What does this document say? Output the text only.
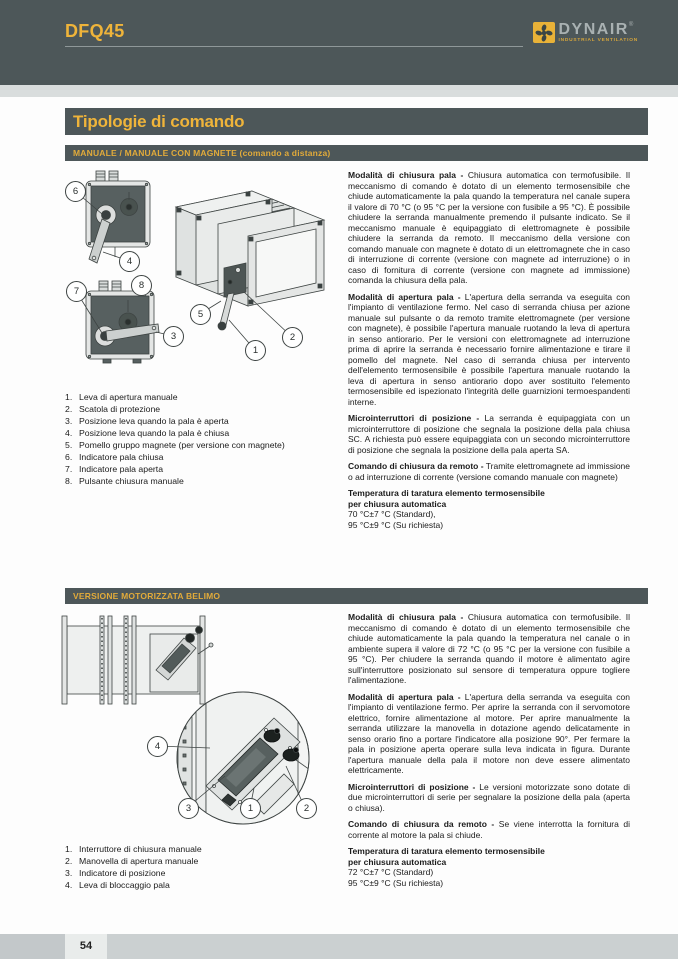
DFQ45	DYNAIR®
INDUSTRIAL VENTILATION
Tipologie di comando
MANUALE / MANUALE CON MAGNETE (comando a distanza)
6
4
7
8
3
5
1
2
1. Leva di apertura manuale
2. Scatola di protezione
3. Posizione leva quando la pala è aperta
4. Posizione leva quando la pala è chiusa
5. Pomello gruppo magnete (per versione con magnete)
6. Indicatore pala chiusa
7. Indicatore pala aperta
8. Pulsante chiusura manuale

Modalità di chiusura pala - Chiusura automatica con termofusibile. Il meccanismo di comando è dotato di un elemento termosensibile che chiude automaticamente la pala quando la temperatura nel canale supera il valore di 70 °C (o 95 °C per la versione con fusibile a 95 °C). È possibile chiudere la serranda manualmente premendo il pulsante indicato. Se il meccanismo manuale è equipaggiato di elettromagnete è possibile chiudere la serranda da remoto. Il meccanismo della versione con comando manuale con magnete è dotato di un elettromagnete che in caso di interruzione di corrente (versione con magnete ad interruzione) o in caso di fornitura di corrente (versione con magnete ad immissione) comanda la chiusura della pala.

Modalità di apertura pala - L'apertura della serranda va eseguita con l'impianto di ventilazione fermo. Nel caso di serranda chiusa per azione manuale sul pulsante o da remoto tramite elettromagnete (per versione con magnete), è possibile l'apertura manuale ruotando la leva di apertura in senso antiorario. Per le versioni con elettromagnete ad interruzione prima di aprire la serranda è necessario fornire alimentazione e tirare il pomello del magnete. Nel caso di serranda chiusa per intervento dell'elemento termosensibile è possibile l'apertura manuale ruotando la leva di apertura in senso antiorario dopo aver sostituito l'elemento termosensibile ed ispezionato l'integrità delle guarnizioni termoespandenti interne.

Microinterruttori di posizione - La serranda è equipaggiata con un microinterruttore di posizione che segnala la posizione della pala chiusa SC. A richiesta può essere equipaggiata con un secondo microinterruttore di posizione che segnala la posizione della pala aperta SA.

Comando di chiusura da remoto - Tramite elettromagnete ad immissione o ad interruzione di corrente (versione comando manuale con magnete)

Temperatura di taratura elemento termosensibile
per chiusura automatica
70 °C±7 °C (Standard),
95 °C±9 °C (Su richiesta)
VERSIONE MOTORIZZATA BELIMO
4
3	1	2
1. Interruttore di chiusura manuale
2. Manovella di apertura manuale
3. Indicatore di posizione
4. Leva di bloccaggio pala

Modalità di chiusura pala - Chiusura automatica con termofusibile. Il meccanismo di comando è dotato di un elemento termosensibile che chiude automaticamente la pala quando la temperatura nel canale o in ambiente supera il valore di 72 °C (o 95 °C per la versione con fusibile a 95 °C). Per chiudere la serranda quando il motore è alimentato agire sull'interruttore posizionato sul sensore di temperatura oppure togliere l'alimentazione.

Modalità di apertura pala - L'apertura della serranda va eseguita con l'impianto di ventilazione fermo. Per aprire la serranda con il servomotore elettrico, fornire alimentazione al motore. Per aprire manualmente la serranda utilizzare la manovella in dotazione agendo delicatamente in senso orario fino a portare l'indicatore alla posizione 90°. Per fermare la pala in posizione aperta operare sulla leva indicata in figura. Durante l'apertura manuale della pala il motore non deve essere alimentato elettricamente.

Microinterruttori di posizione - Le versioni motorizzate sono dotate di due microinterruttori di serie per segnalare la posizione della pala (aperta o chiusa).

Comando di chiusura da remoto - Se viene interrotta la fornitura di corrente al motore la pala si chiude.

Temperatura di taratura elemento termosensibile
per chiusura automatica
72 °C±7 °C (Standard)
95 °C±9 °C (Su richiesta)
54
